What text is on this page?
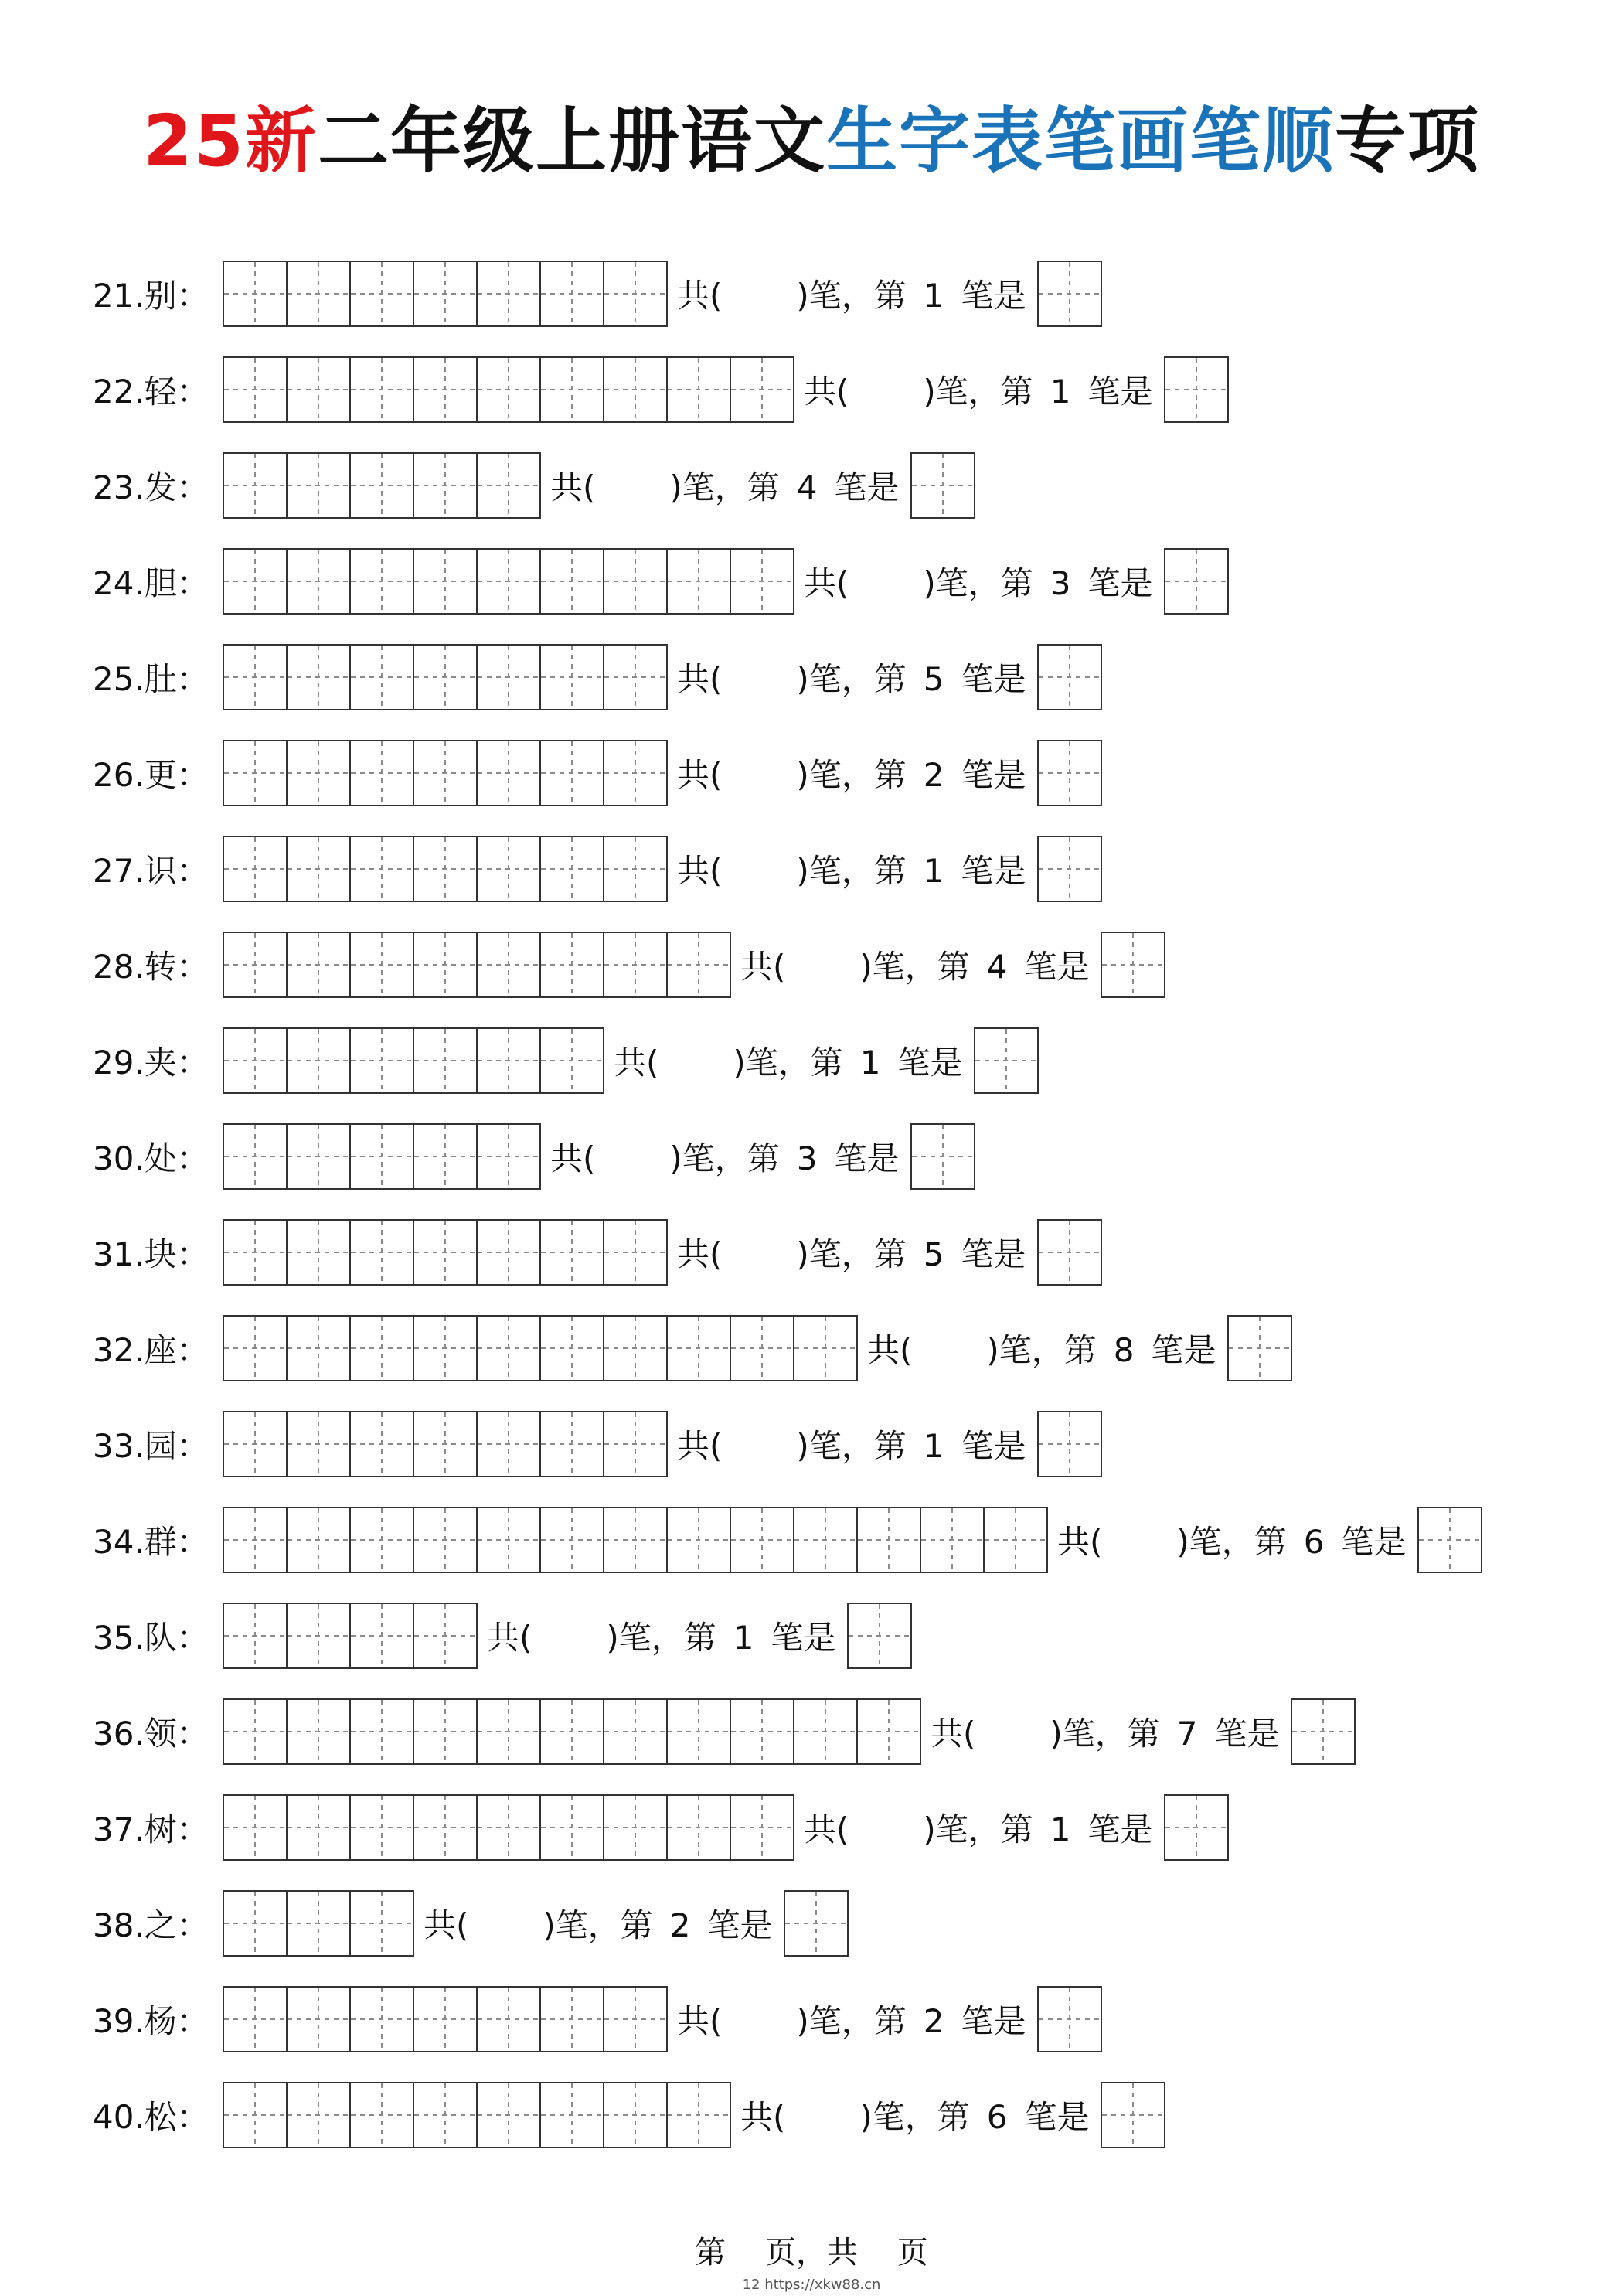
25新二年级上册语文生字表笔画笔顺专项
21.别：	共( )笔，第 1 笔是
22.轻：	共( )笔，第 1 笔是
23.发：	共( )笔，第 4 笔是
24.胆：	共( )笔，第 3 笔是
25.肚：	共( )笔，第 5 笔是
26.更：	共( )笔，第 2 笔是
27.识：	共( )笔，第 1 笔是
28.转：	共( )笔，第 4 笔是
29.夹：	共( )笔，第 1 笔是
30.处：	共( )笔，第 3 笔是
31.块：	共( )笔，第 5 笔是
32.座：	共( )笔，第 8 笔是
33.园：	共( )笔，第 1 笔是
34.群：	共( )笔，第 6 笔是
35.队：	共( )笔，第 1 笔是
36.领：	共( )笔，第 7 笔是
37.树：	共( )笔，第 1 笔是
38.之：	共( )笔，第 2 笔是
39.杨：	共( )笔，第 2 笔是
40.松：	共( )笔，第 6 笔是
第    页，共    页
12 https://xkw88.cn
